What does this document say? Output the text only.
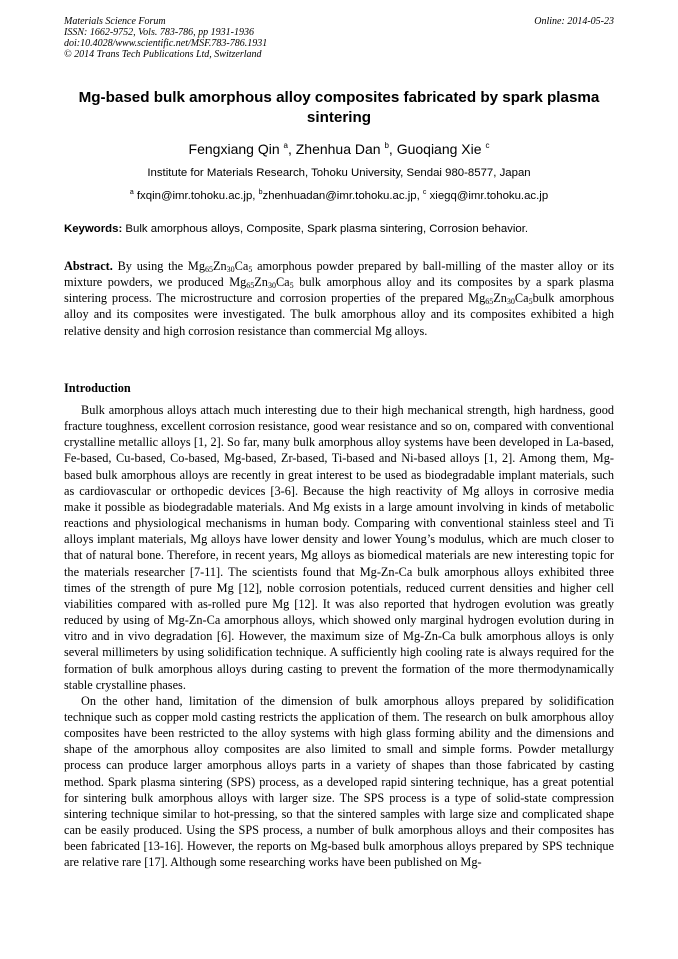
Materials Science Forum
ISSN: 1662-9752, Vols. 783-786, pp 1931-1936
doi:10.4028/www.scientific.net/MSF.783-786.1931
© 2014 Trans Tech Publications Ltd, Switzerland
Online: 2014-05-23
Mg-based bulk amorphous alloy composites fabricated by spark plasma sintering
Fengxiang Qin $^a$, Zhenhua Dan $^b$, Guoqiang Xie $^c$
Institute for Materials Research, Tohoku University, Sendai 980-8577, Japan
$^a$ fxqin@imr.tohoku.ac.jp, $^b$zhenhuadan@imr.tohoku.ac.jp, $^c$ xiegq@imr.tohoku.ac.jp
Keywords: Bulk amorphous alloys, Composite, Spark plasma sintering, Corrosion behavior.
Abstract. By using the $Mg_{65}Zn_{30}Ca_5$ amorphous powder prepared by ball-milling of the master alloy or its mixture powders, we produced $Mg_{65}Zn_{30}Ca_5$ bulk amorphous alloy and its composites by a spark plasma sintering process. The microstructure and corrosion properties of the prepared $Mg_{65}Zn_{30}Ca_5bulk$ amorphous alloy and its composites were investigated. The bulk amorphous alloy and its composites exhibited a high relative density and high corrosion resistance than commercial Mg alloys.
Introduction

Bulk amorphous alloys attach much interesting due to their high mechanical strength, high hardness, good fracture toughness, excellent corrosion resistance, good wear resistance and so on, compared with conventional crystalline metallic alloys [1, 2]. So far, many bulk amorphous alloy systems have been developed in La-based, Fe-based, Cu-based, Co-based, Mg-based, Zr-based, Ti-based and Ni-based alloys [1, 2]. Among them, Mg-based bulk amorphous alloys are recently in great interest to be used as biodegradable implant materials, such as cardiovascular or orthopedic devices [3-6]. Because the high reactivity of Mg alloys in corrosive media make it possible as biodegradable materials. And Mg exists in a large amount involving in kinds of metabolic reactions and physiological mechanisms in human body. Comparing with conventional stainless steel and Ti alloys implant materials, Mg alloys have lower density and lower Young’s modulus, which are much closer to that of natural bone. Therefore, in recent years, Mg alloys as biomedical materials are new interesting topic for the materials researcher [7-11]. The scientists found that Mg-Zn-Ca bulk amorphous alloys exhibited three times of the strength of pure Mg [12], noble corrosion potentials, reduced current densities and higher cell viabilities compared with as-rolled pure Mg [12]. It was also reported that hydrogen evolution was greatly reduced by using of Mg-Zn-Ca amorphous alloys, which showed only marginal hydrogen evolution during in vitro and in vivo degradation [6]. However, the maximum size of Mg-Zn-Ca bulk amorphous alloys is only several millimeters by using solidification technique. A sufficiently high cooling rate is always required for the formation of bulk amorphous alloys during casting to prevent the formation of the more thermodynamically stable crystalline phases.

On the other hand, limitation of the dimension of bulk amorphous alloys prepared by solidification technique such as copper mold casting restricts the application of them. The research on bulk amorphous alloy composites have been restricted to the alloy systems with high glass forming ability and the dimensions and shape of the amorphous alloy composites are also limited to small and simple forms. Powder metallurgy process can produce larger amorphous alloys parts in a variety of shapes than those fabricated by casting method. Spark plasma sintering (SPS) process, as a developed rapid sintering technique, has a great potential for sintering bulk amorphous alloys with larger size. The SPS process is a type of solid-state compression sintering technique similar to hot-pressing, so that the sintered samples with large size and complicated shape can be easily produced. Using the SPS process, a number of bulk amorphous alloys and their composites has been fabricated [13-16]. However, the reports on Mg-based bulk amorphous alloys prepared by SPS technique are relative rare [17]. Although some researching works have been published on Mg-
